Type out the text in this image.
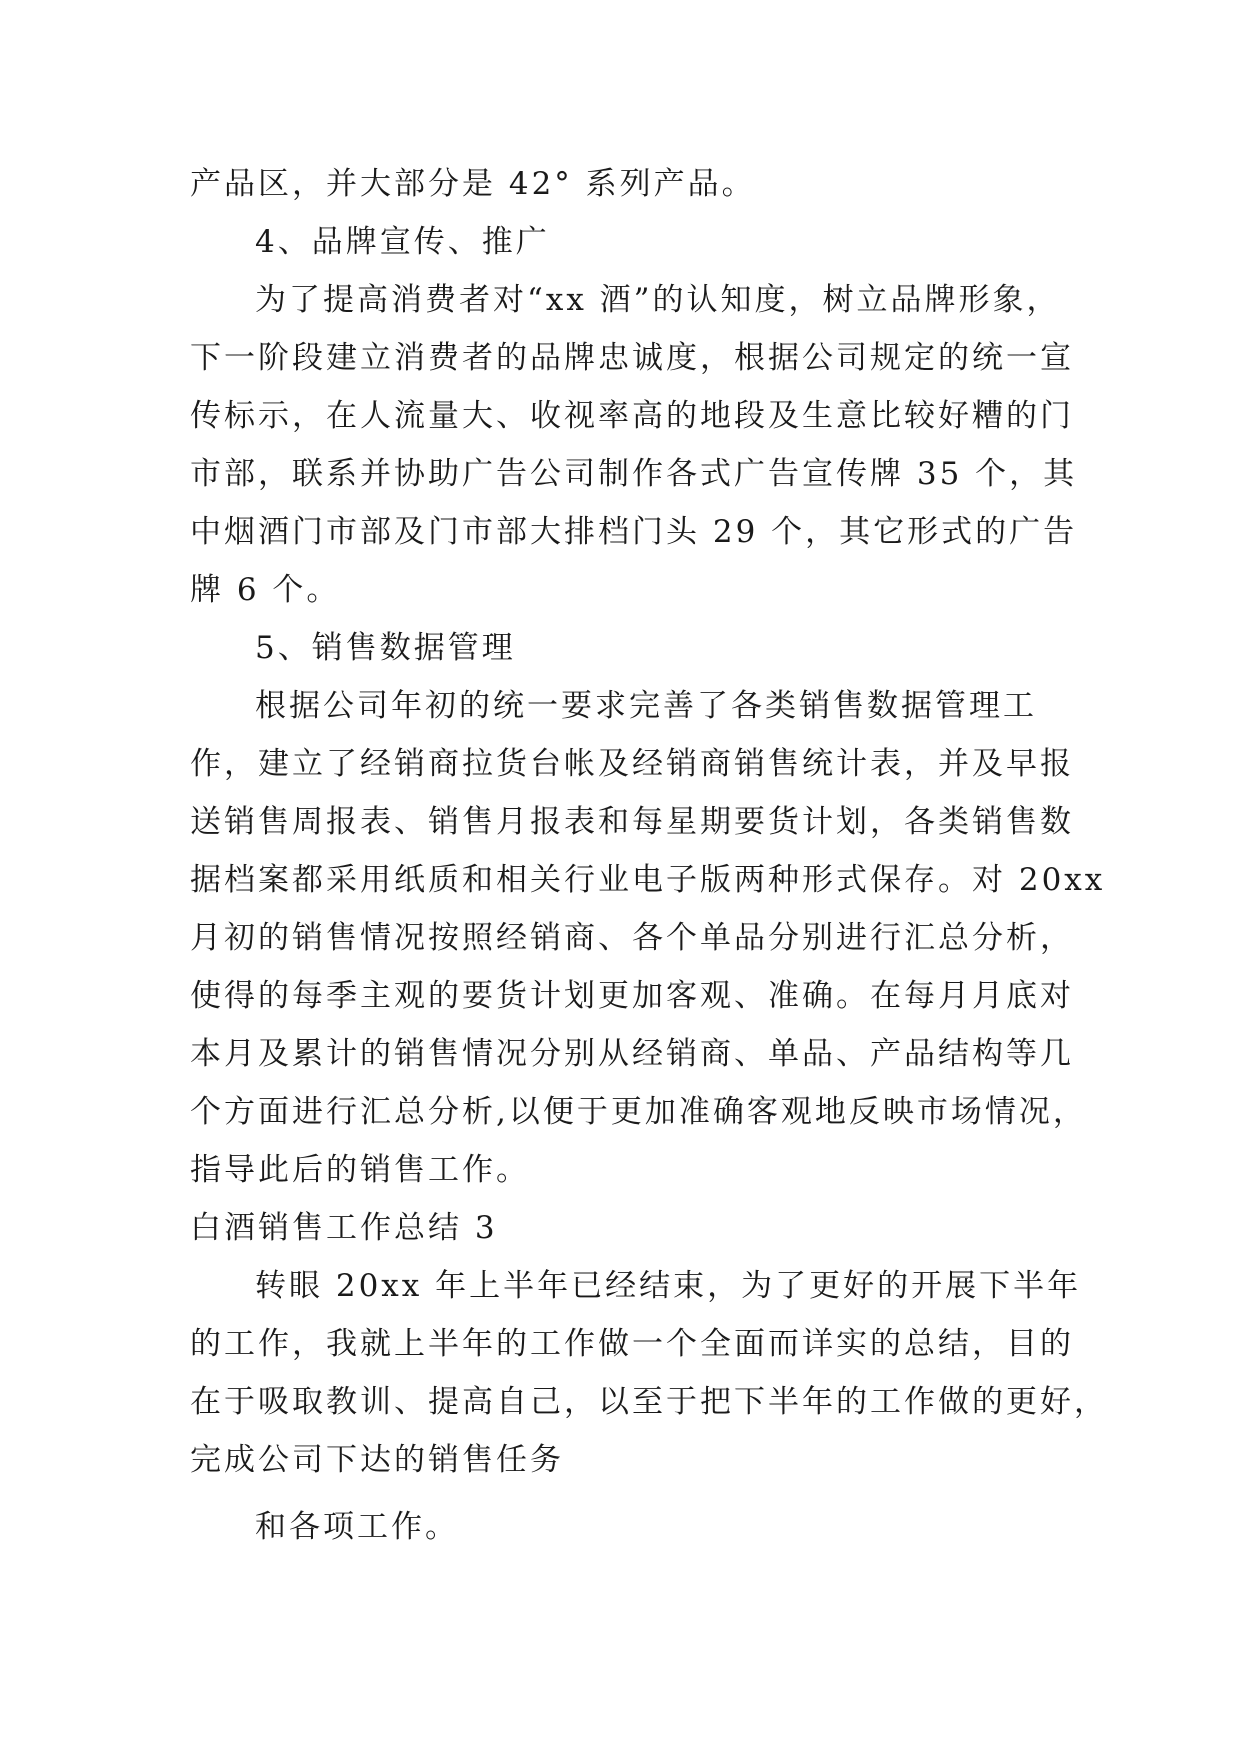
产品区，并大部分是 42° 系列产品。
4、品牌宣传、推广
为了提高消费者对“xx 酒”的认知度，树立品牌形象，
下一阶段建立消费者的品牌忠诚度，根据公司规定的统一宣
传标示，在人流量大、收视率高的地段及生意比较好糟的门
市部，联系并协助广告公司制作各式广告宣传牌 35 个，其
中烟酒门市部及门市部大排档门头 29 个，其它形式的广告
牌 6 个。
5、销售数据管理
根据公司年初的统一要求完善了各类销售数据管理工
作，建立了经销商拉货台帐及经销商销售统计表，并及早报
送销售周报表、销售月报表和每星期要货计划，各类销售数
据档案都采用纸质和相关行业电子版两种形式保存。对 20xx
月初的销售情况按照经销商、各个单品分别进行汇总分析，
使得的每季主观的要货计划更加客观、准确。在每月月底对
本月及累计的销售情况分别从经销商、单品、产品结构等几
个方面进行汇总分析,以便于更加准确客观地反映市场情况，
指导此后的销售工作。
白酒销售工作总结 3
转眼 20xx 年上半年已经结束，为了更好的开展下半年
的工作，我就上半年的工作做一个全面而详实的总结，目的
在于吸取教训、提高自己，以至于把下半年的工作做的更好，
完成公司下达的销售任务
和各项工作。
